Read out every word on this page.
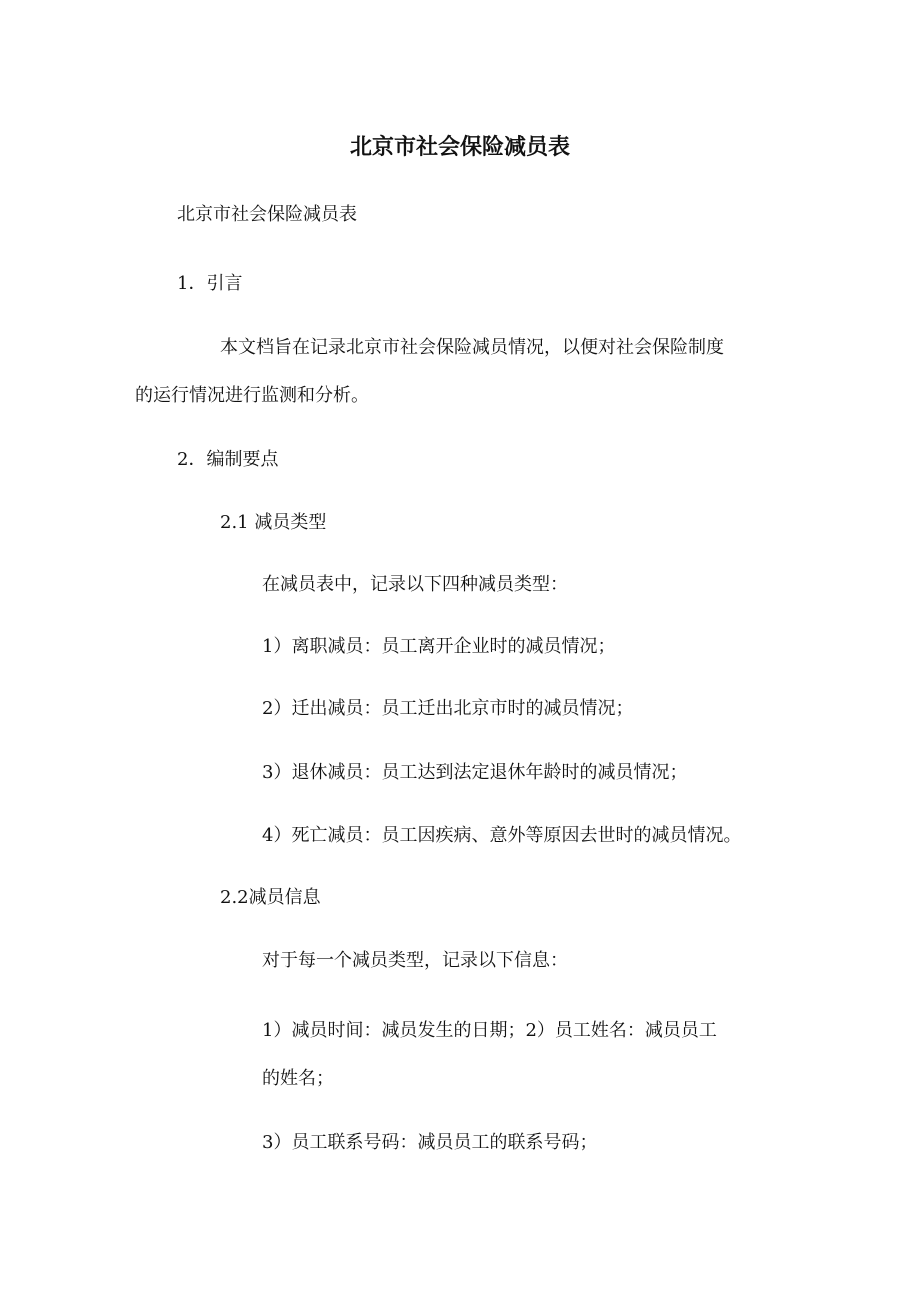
北京市社会保险减员表
北京市社会保险减员表
1．引言
本文档旨在记录北京市社会保险减员情况，以便对社会保险制度
的运行情况进行监测和分析。
2．编制要点
2.1 减员类型
在减员表中，记录以下四种减员类型：
1）离职减员：员工离开企业时的减员情况；
2）迁出减员：员工迁出北京市时的减员情况；
3）退休减员：员工达到法定退休年龄时的减员情况；
4）死亡减员：员工因疾病、意外等原因去世时的减员情况。
2.2减员信息
对于每一个减员类型，记录以下信息：
1）减员时间：减员发生的日期；2）员工姓名：减员员工
的姓名；
3）员工联系号码：减员员工的联系号码；
